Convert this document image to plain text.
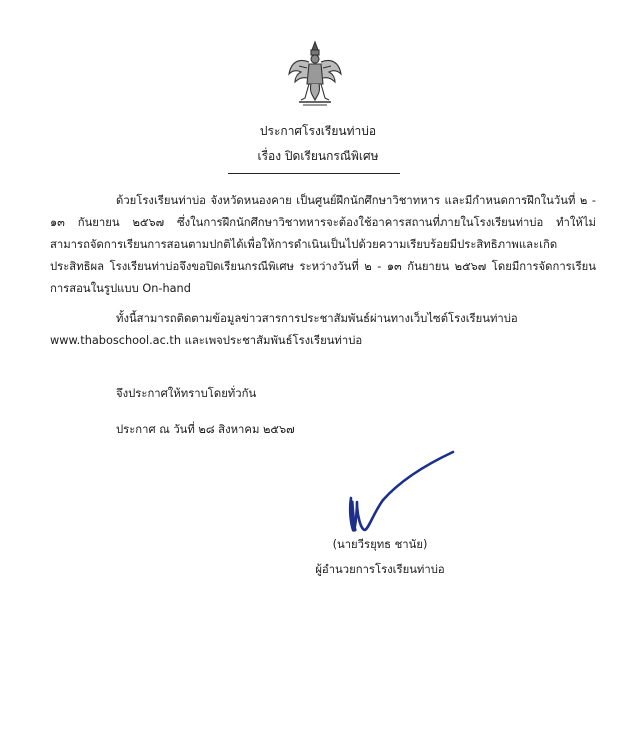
ประกาศโรงเรียนท่าบ่อ
เรื่อง ปิดเรียนกรณีพิเศษ

ด้วยโรงเรียนท่าบ่อ จังหวัดหนองคาย เป็นศูนย์ฝึกนักศึกษาวิชาทหาร และมีกำหนดการฝึกในวันที่ ๒ - ๑๓ กันยายน ๒๕๖๗ ซึ่งในการฝึกนักศึกษาวิชาทหารจะต้องใช้อาคารสถานที่ภายในโรงเรียนท่าบ่อ ทำให้ไม่สามารถจัดการเรียนการสอนตามปกติได้เพื่อให้การดำเนินเป็นไปด้วยความเรียบร้อยมีประสิทธิภาพและเกิดประสิทธิผล โรงเรียนท่าบ่อจึงขอปิดเรียนกรณีพิเศษ ระหว่างวันที่ ๒ - ๑๓ กันยายน ๒๕๖๗ โดยมีการจัดการเรียนการสอนในรูปแบบ On-hand

ทั้งนี้สามารถติดตามข้อมูลข่าวสารการประชาสัมพันธ์ผ่านทางเว็บไซต์โรงเรียนท่าบ่อ www.thaboschool.ac.th และเพจประชาสัมพันธ์โรงเรียนท่าบ่อ

จึงประกาศให้ทราบโดยทั่วกัน
ประกาศ ณ วันที่ ๒๘ สิงหาคม ๒๕๖๗
(นายวีรยุทธ ชานัย)
ผู้อำนวยการโรงเรียนท่าบ่อ
